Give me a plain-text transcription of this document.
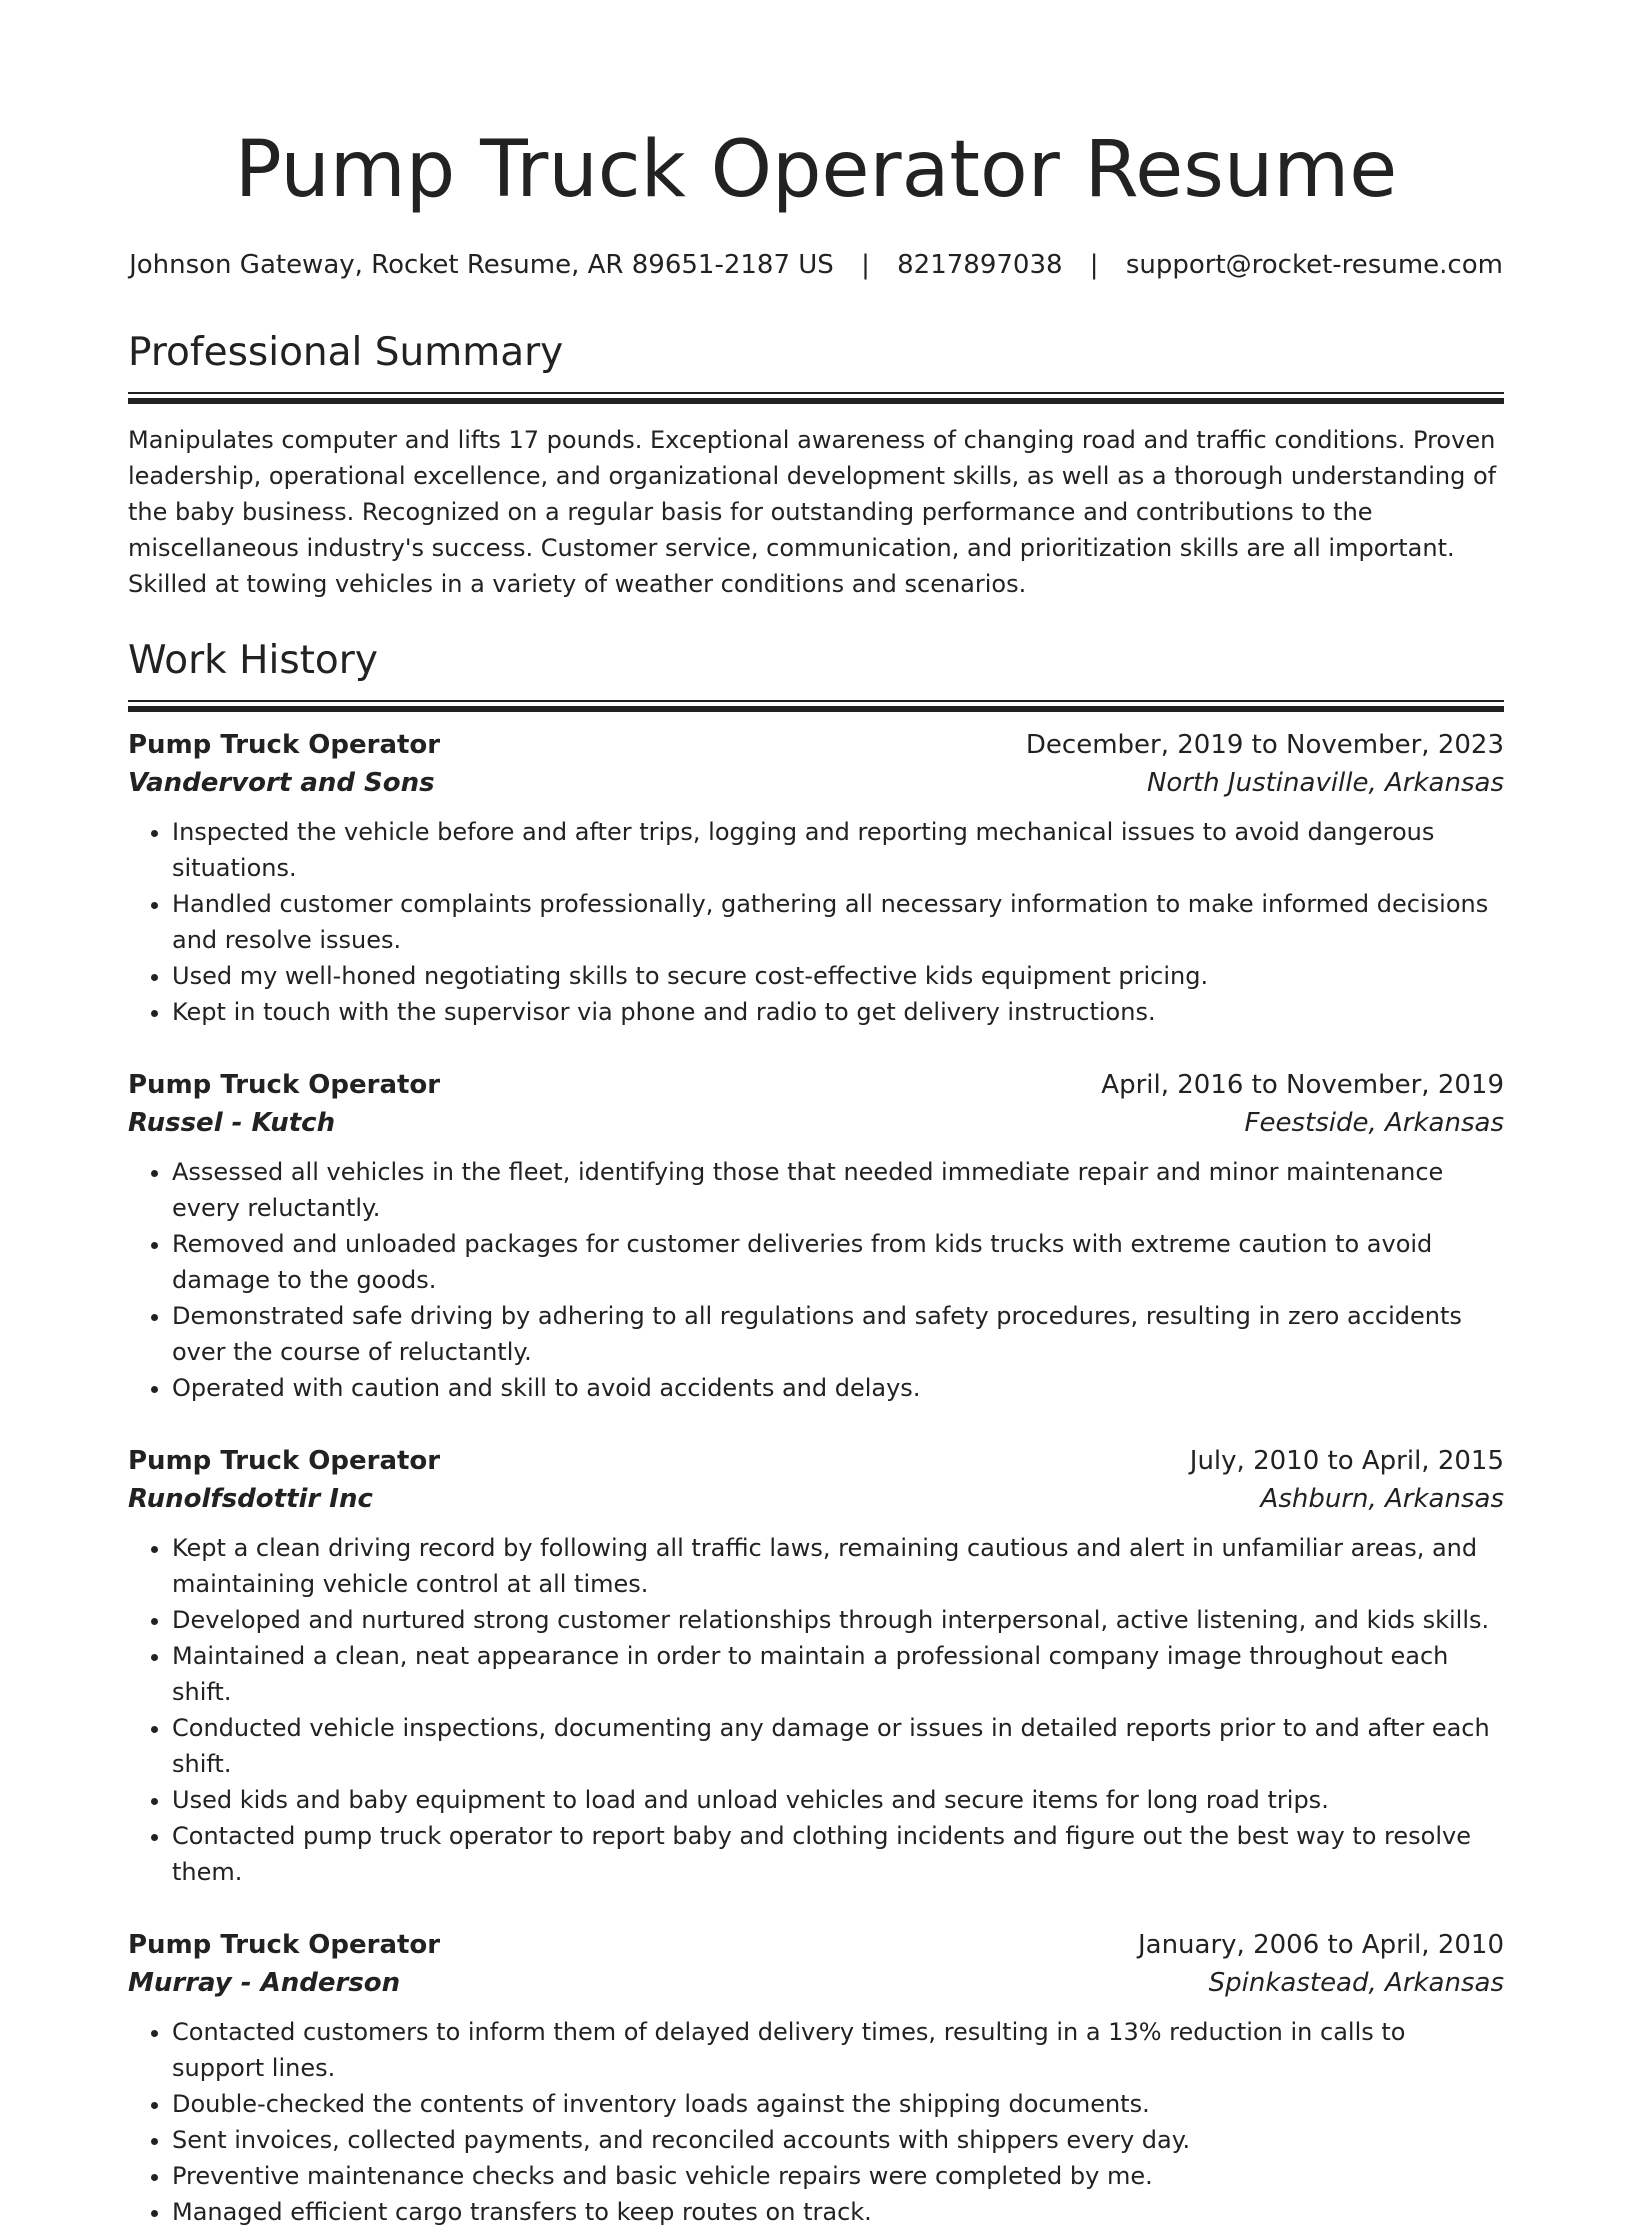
Pump Truck Operator Resume
Johnson Gateway, Rocket Resume, AR 89651-2187 US | 8217897038 | support@rocket-resume.com
Professional Summary

Manipulates computer and lifts 17 pounds. Exceptional awareness of changing road and traffic conditions. Proven leadership, operational excellence, and organizational development skills, as well as a thorough understanding of the baby business. Recognized on a regular basis for outstanding performance and contributions to the miscellaneous industry's success. Customer service, communication, and prioritization skills are all important. Skilled at towing vehicles in a variety of weather conditions and scenarios.

Work History
Pump Truck Operator	December, 2019 to November, 2023
Vandervort and Sons	North Justinaville, Arkansas
• Inspected the vehicle before and after trips, logging and reporting mechanical issues to avoid dangerous situations.
• Handled customer complaints professionally, gathering all necessary information to make informed decisions and resolve issues.
• Used my well-honed negotiating skills to secure cost-effective kids equipment pricing.
• Kept in touch with the supervisor via phone and radio to get delivery instructions.
Pump Truck Operator	April, 2016 to November, 2019
Russel - Kutch	Feestside, Arkansas
• Assessed all vehicles in the fleet, identifying those that needed immediate repair and minor maintenance every reluctantly.
• Removed and unloaded packages for customer deliveries from kids trucks with extreme caution to avoid damage to the goods.
• Demonstrated safe driving by adhering to all regulations and safety procedures, resulting in zero accidents over the course of reluctantly.
• Operated with caution and skill to avoid accidents and delays.
Pump Truck Operator	July, 2010 to April, 2015
Runolfsdottir Inc	Ashburn, Arkansas
• Kept a clean driving record by following all traffic laws, remaining cautious and alert in unfamiliar areas, and maintaining vehicle control at all times.
• Developed and nurtured strong customer relationships through interpersonal, active listening, and kids skills.
• Maintained a clean, neat appearance in order to maintain a professional company image throughout each shift.
• Conducted vehicle inspections, documenting any damage or issues in detailed reports prior to and after each shift.
• Used kids and baby equipment to load and unload vehicles and secure items for long road trips.
• Contacted pump truck operator to report baby and clothing incidents and figure out the best way to resolve them.
Pump Truck Operator	January, 2006 to April, 2010
Murray - Anderson	Spinkastead, Arkansas
• Contacted customers to inform them of delayed delivery times, resulting in a 13% reduction in calls to support lines.
• Double-checked the contents of inventory loads against the shipping documents.
• Sent invoices, collected payments, and reconciled accounts with shippers every day.
• Preventive maintenance checks and basic vehicle repairs were completed by me.
• Managed efficient cargo transfers to keep routes on track.
